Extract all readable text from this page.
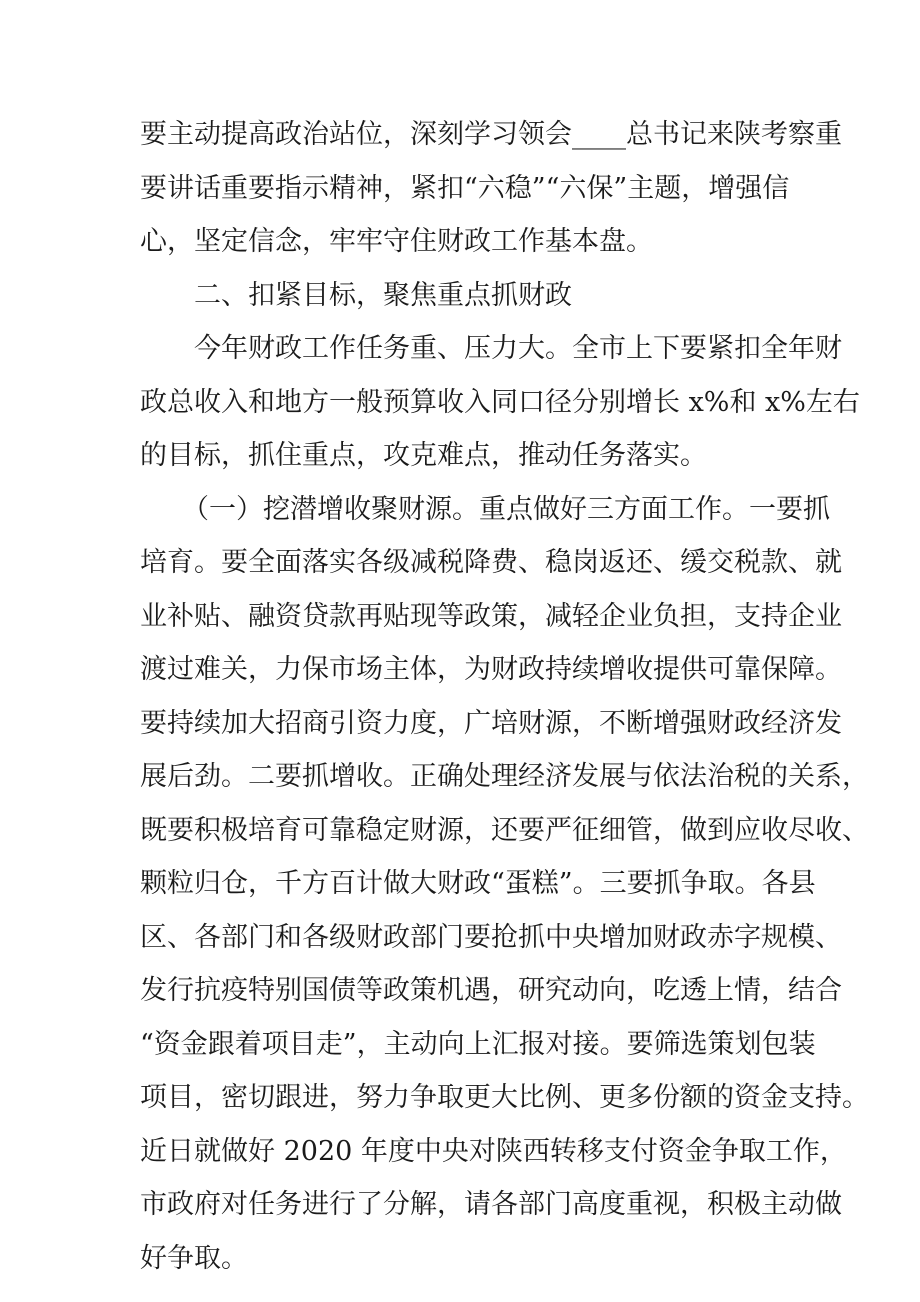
要主动提高政治站位，深刻学习领会____总书记来陕考察重
要讲话重要指示精神，紧扣“六稳”“六保”主题，增强信
心，坚定信念，牢牢守住财政工作基本盘。
二、扣紧目标，聚焦重点抓财政
今年财政工作任务重、压力大。全市上下要紧扣全年财
政总收入和地方一般预算收入同口径分别增长 x%和 x%左右
的目标，抓住重点，攻克难点，推动任务落实。
（一）挖潜增收聚财源。重点做好三方面工作。一要抓
培育。要全面落实各级减税降费、稳岗返还、缓交税款、就
业补贴、融资贷款再贴现等政策，减轻企业负担，支持企业
渡过难关，力保市场主体，为财政持续增收提供可靠保障。
要持续加大招商引资力度，广培财源，不断增强财政经济发
展后劲。二要抓增收。正确处理经济发展与依法治税的关系，
既要积极培育可靠稳定财源，还要严征细管，做到应收尽收、
颗粒归仓，千方百计做大财政“蛋糕”。三要抓争取。各县
区、各部门和各级财政部门要抢抓中央增加财政赤字规模、
发行抗疫特别国债等政策机遇，研究动向，吃透上情，结合
“资金跟着项目走”，主动向上汇报对接。要筛选策划包装
项目，密切跟进，努力争取更大比例、更多份额的资金支持。
近日就做好 2020 年度中央对陕西转移支付资金争取工作，
市政府对任务进行了分解，请各部门高度重视，积极主动做
好争取。
